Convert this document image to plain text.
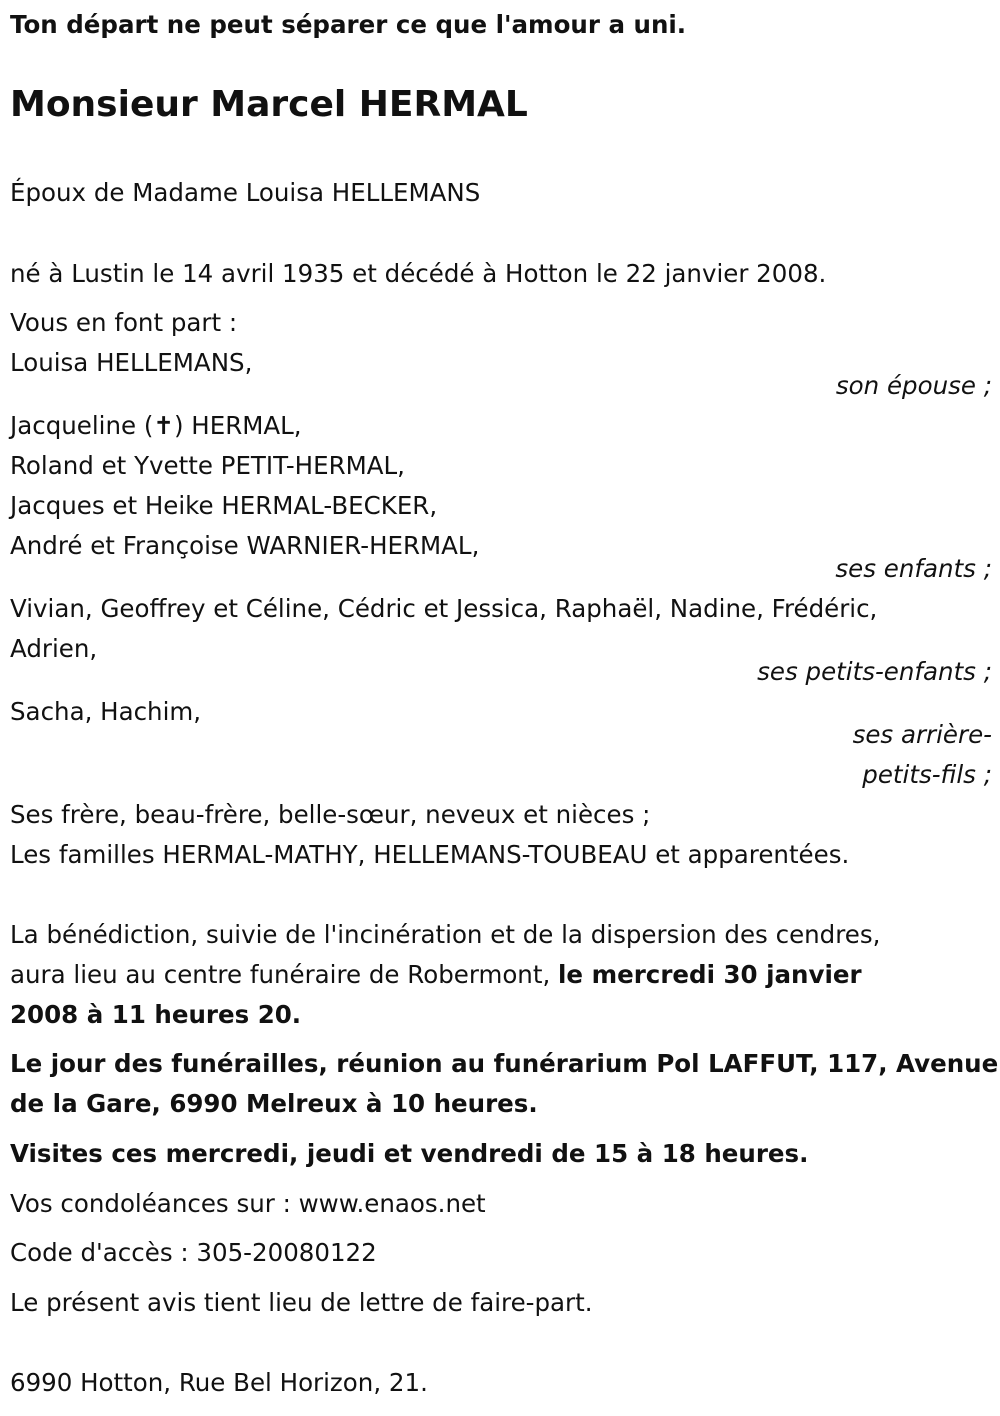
Ton départ ne peut séparer ce que l'amour a uni.
Monsieur Marcel HERMAL
Époux de Madame Louisa HELLEMANS
né à Lustin le 14 avril 1935 et décédé à Hotton le 22 janvier 2008.
Vous en font part :
Louisa HELLEMANS,
son épouse ;
Jacqueline (✝) HERMAL,
Roland et Yvette PETIT-HERMAL,
Jacques et Heike HERMAL-BECKER,
André et Françoise WARNIER-HERMAL,
ses enfants ;
Vivian, Geoffrey et Céline, Cédric et Jessica, Raphaël, Nadine, Frédéric,
Adrien,
ses petits-enfants ;
Sacha, Hachim,
ses arrière-
petits-fils ;
Ses frère, beau-frère, belle-sœur, neveux et nièces ;
Les familles HERMAL-MATHY, HELLEMANS-TOUBEAU et apparentées.
La bénédiction, suivie de l'incinération et de la dispersion des cendres,
aura lieu au centre funéraire de Robermont, le mercredi 30 janvier
2008 à 11 heures 20.
Le jour des funérailles, réunion au funérarium Pol LAFFUT, 117, Avenue
de la Gare, 6990 Melreux à 10 heures.
Visites ces mercredi, jeudi et vendredi de 15 à 18 heures.
Vos condoléances sur : www.enaos.net
Code d'accès : 305-20080122
Le présent avis tient lieu de lettre de faire-part.
6990 Hotton, Rue Bel Horizon, 21.
